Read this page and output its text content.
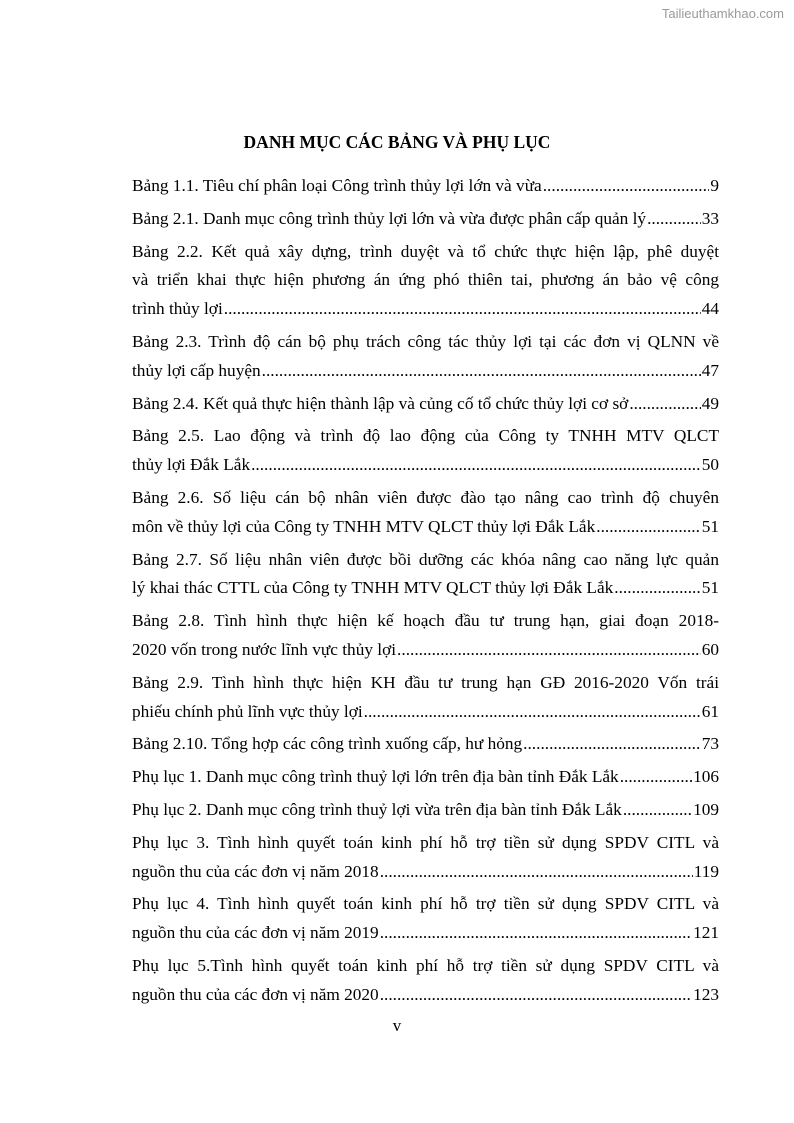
Tailieuthamkhao.com
DANH MỤC CÁC BẢNG VÀ PHỤ LỤC
Bảng 1.1. Tiêu chí phân loại Công trình thủy lợi lớn và vừa .....	9
Bảng 2.1. Danh mục công trình thủy lợi lớn và vừa được phân cấp quản lý .....	33
Bảng 2.2. Kết quả xây dựng, trình duyệt và tổ chức thực hiện lập, phê duyệt
và triển khai thực hiện phương án ứng phó thiên tai, phương án bảo vệ công
trình thủy lợi .....	44
Bảng 2.3. Trình độ cán bộ phụ trách công tác thủy lợi tại các đơn vị QLNN về
thủy lợi cấp huyện .....	47
Bảng 2.4. Kết quả thực hiện thành lập và củng cố tổ chức thủy lợi cơ sở .....	49
Bảng 2.5. Lao động và trình độ lao động của Công ty TNHH MTV QLCT
thủy lợi Đắk Lắk .....	50
Bảng 2.6. Số liệu cán bộ nhân viên được đào tạo nâng cao trình độ chuyên
môn về thủy lợi của Công ty TNHH MTV QLCT thủy lợi Đắk Lắk .....	51
Bảng 2.7. Số liệu nhân viên được bồi dưỡng các khóa nâng cao năng lực quản
lý khai thác CTTL của Công ty TNHH MTV QLCT thủy lợi Đắk Lắk .....	51
Bảng 2.8. Tình hình thực hiện kế hoạch đầu tư trung hạn, giai đoạn 2018-
2020 vốn trong nước lĩnh vực thủy lợi .....	60
Bảng 2.9. Tình hình thực hiện KH đầu tư trung hạn GĐ 2016-2020 Vốn trái
phiếu chính phủ lĩnh vực thủy lợi .....	61
Bảng 2.10. Tổng hợp các công trình xuống cấp, hư hỏng .....	73
Phụ lục 1. Danh mục công trình thuỷ lợi lớn trên địa bàn tỉnh Đắk Lắk .....	106
Phụ lục 2. Danh mục công trình thuỷ lợi vừa trên địa bàn tỉnh Đắk Lắk .....	109
Phụ lục 3. Tình hình quyết toán kinh phí hỗ trợ tiền sử dụng SPDV CITL và
nguồn thu của các đơn vị năm 2018 .....	119
Phụ lục 4. Tình hình quyết toán kinh phí hỗ trợ tiền sử dụng SPDV CITL và
nguồn thu của các đơn vị năm 2019 .....	121
Phụ lục 5.Tình hình quyết toán kinh phí hỗ trợ tiền sử dụng SPDV CITL và
nguồn thu của các đơn vị năm 2020 .....	123
v
